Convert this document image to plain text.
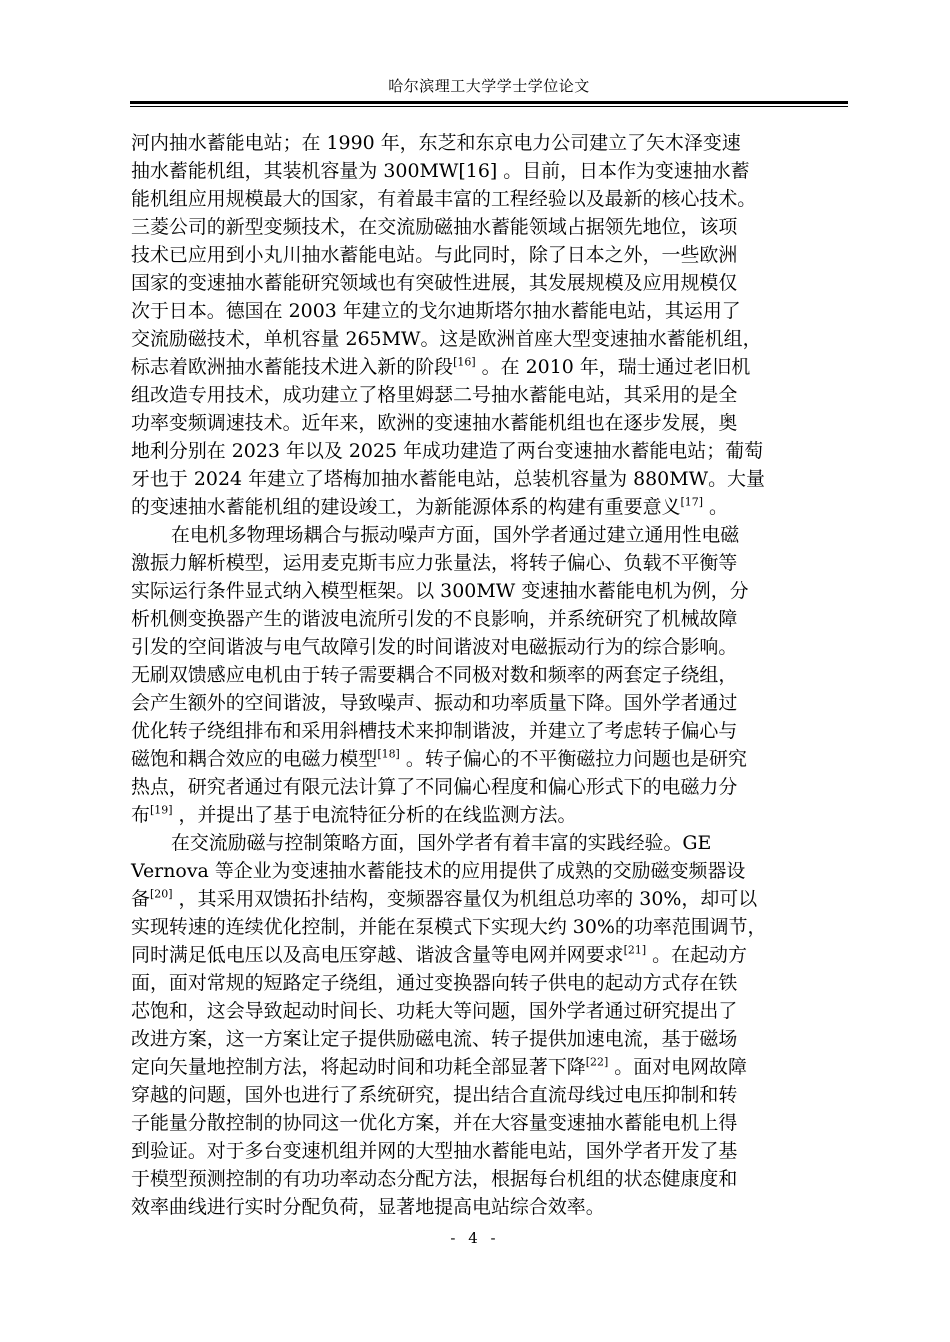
哈尔滨理工大学学士学位论文
河内抽水蓄能电站；在 1990 年，东芝和东京电力公司建立了矢木泽变速
抽水蓄能机组，其装机容量为 300MW[16] 。目前，日本作为变速抽水蓄
能机组应用规模最大的国家，有着最丰富的工程经验以及最新的核心技术。
三菱公司的新型变频技术，在交流励磁抽水蓄能领域占据领先地位，该项
技术已应用到小丸川抽水蓄能电站。与此同时，除了日本之外，一些欧洲
国家的变速抽水蓄能研究领域也有突破性进展，其发展规模及应用规模仅
次于日本。德国在 2003 年建立的戈尔迪斯塔尔抽水蓄能电站，其运用了
交流励磁技术，单机容量 265MW。这是欧洲首座大型变速抽水蓄能机组，
标志着欧洲抽水蓄能技术进入新的阶段[16] 。在 2010 年，瑞士通过老旧机
组改造专用技术，成功建立了格里姆瑟二号抽水蓄能电站，其采用的是全
功率变频调速技术。近年来，欧洲的变速抽水蓄能机组也在逐步发展，奥
地利分别在 2023 年以及 2025 年成功建造了两台变速抽水蓄能电站；葡萄
牙也于 2024 年建立了塔梅加抽水蓄能电站，总装机容量为 880MW。大量
的变速抽水蓄能机组的建设竣工，为新能源体系的构建有重要意义[17] 。
在电机多物理场耦合与振动噪声方面，国外学者通过建立通用性电磁
激振力解析模型，运用麦克斯韦应力张量法，将转子偏心、负载不平衡等
实际运行条件显式纳入模型框架。以 300MW 变速抽水蓄能电机为例，分
析机侧变换器产生的谐波电流所引发的不良影响，并系统研究了机械故障
引发的空间谐波与电气故障引发的时间谐波对电磁振动行为的综合影响。
无刷双馈感应电机由于转子需要耦合不同极对数和频率的两套定子绕组，
会产生额外的空间谐波，导致噪声、振动和功率质量下降。国外学者通过
优化转子绕组排布和采用斜槽技术来抑制谐波，并建立了考虑转子偏心与
磁饱和耦合效应的电磁力模型[18] 。转子偏心的不平衡磁拉力问题也是研究
热点，研究者通过有限元法计算了不同偏心程度和偏心形式下的电磁力分
布[19] ，并提出了基于电流特征分析的在线监测方法。
在交流励磁与控制策略方面，国外学者有着丰富的实践经验。GE
Vernova 等企业为变速抽水蓄能技术的应用提供了成熟的交励磁变频器设
备[20] ，其采用双馈拓扑结构，变频器容量仅为机组总功率的 30%，却可以
实现转速的连续优化控制，并能在泵模式下实现大约 30%的功率范围调节，
同时满足低电压以及高电压穿越、谐波含量等电网并网要求[21] 。在起动方
面，面对常规的短路定子绕组，通过变换器向转子供电的起动方式存在铁
芯饱和，这会导致起动时间长、功耗大等问题，国外学者通过研究提出了
改进方案，这一方案让定子提供励磁电流、转子提供加速电流，基于磁场
定向矢量地控制方法，将起动时间和功耗全部显著下降[22] 。面对电网故障
穿越的问题，国外也进行了系统研究，提出结合直流母线过电压抑制和转
子能量分散控制的协同这一优化方案，并在大容量变速抽水蓄能电机上得
到验证。对于多台变速机组并网的大型抽水蓄能电站，国外学者开发了基
于模型预测控制的有功功率动态分配方法，根据每台机组的状态健康度和
效率曲线进行实时分配负荷，显著地提高电站综合效率。
- 4 -
